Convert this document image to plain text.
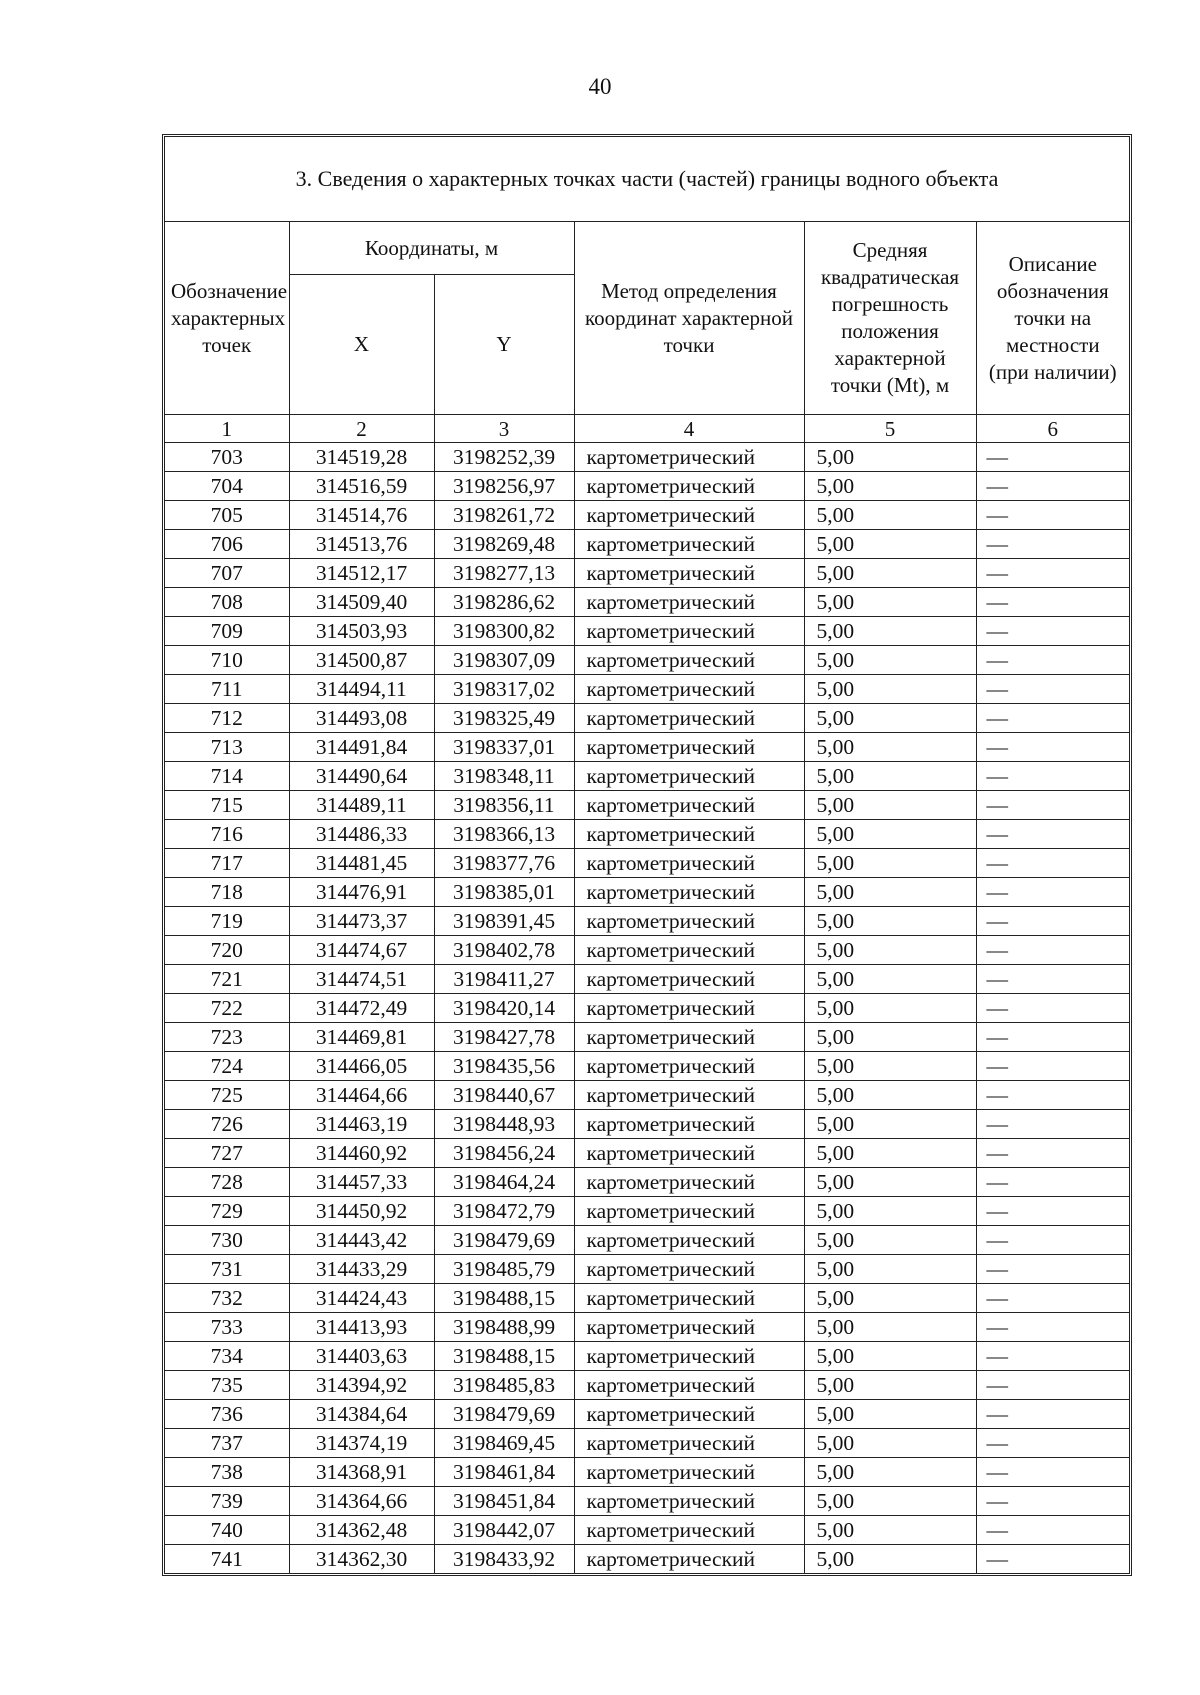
40
3. Сведения о характерных точках части (частей) границы водного объекта
Обозначение характерных точек	Координаты, м		Метод определения координат характерной точки	Средняя квадратическая погрешность положения характерной точки (Mt), м	Описание обозначения точки на местности (при наличии)
	X	Y			
1	2	3	4	5	6
703	314519,28	3198252,39	картометрический	5,00	—
704	314516,59	3198256,97	картометрический	5,00	—
705	314514,76	3198261,72	картометрический	5,00	—
706	314513,76	3198269,48	картометрический	5,00	—
707	314512,17	3198277,13	картометрический	5,00	—
708	314509,40	3198286,62	картометрический	5,00	—
709	314503,93	3198300,82	картометрический	5,00	—
710	314500,87	3198307,09	картометрический	5,00	—
711	314494,11	3198317,02	картометрический	5,00	—
712	314493,08	3198325,49	картометрический	5,00	—
713	314491,84	3198337,01	картометрический	5,00	—
714	314490,64	3198348,11	картометрический	5,00	—
715	314489,11	3198356,11	картометрический	5,00	—
716	314486,33	3198366,13	картометрический	5,00	—
717	314481,45	3198377,76	картометрический	5,00	—
718	314476,91	3198385,01	картометрический	5,00	—
719	314473,37	3198391,45	картометрический	5,00	—
720	314474,67	3198402,78	картометрический	5,00	—
721	314474,51	3198411,27	картометрический	5,00	—
722	314472,49	3198420,14	картометрический	5,00	—
723	314469,81	3198427,78	картометрический	5,00	—
724	314466,05	3198435,56	картометрический	5,00	—
725	314464,66	3198440,67	картометрический	5,00	—
726	314463,19	3198448,93	картометрический	5,00	—
727	314460,92	3198456,24	картометрический	5,00	—
728	314457,33	3198464,24	картометрический	5,00	—
729	314450,92	3198472,79	картометрический	5,00	—
730	314443,42	3198479,69	картометрический	5,00	—
731	314433,29	3198485,79	картометрический	5,00	—
732	314424,43	3198488,15	картометрический	5,00	—
733	314413,93	3198488,99	картометрический	5,00	—
734	314403,63	3198488,15	картометрический	5,00	—
735	314394,92	3198485,83	картометрический	5,00	—
736	314384,64	3198479,69	картометрический	5,00	—
737	314374,19	3198469,45	картометрический	5,00	—
738	314368,91	3198461,84	картометрический	5,00	—
739	314364,66	3198451,84	картометрический	5,00	—
740	314362,48	3198442,07	картометрический	5,00	—
741	314362,30	3198433,92	картометрический	5,00	—
